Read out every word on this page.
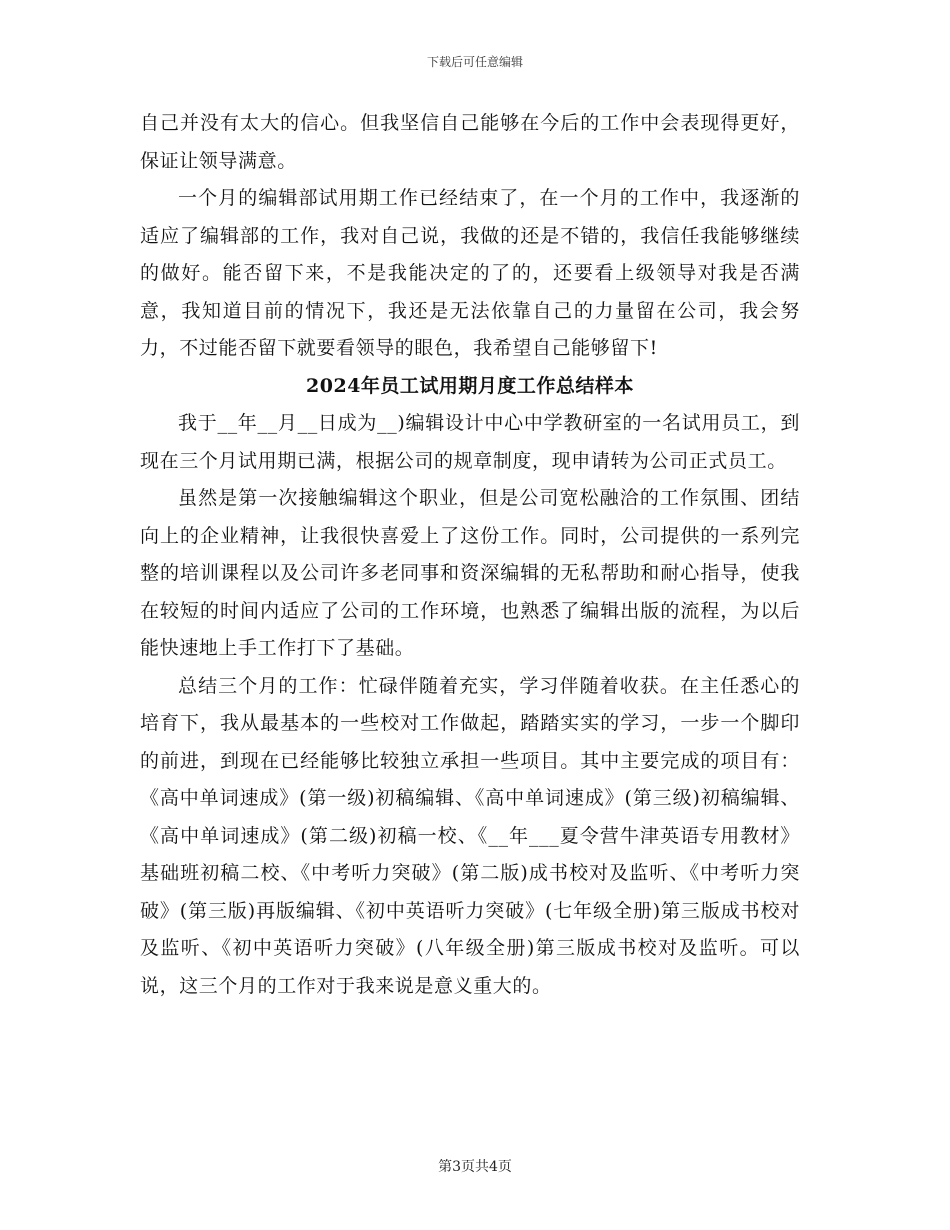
下载后可任意编辑

自己并没有太大的信心。但我坚信自己能够在今后的工作中会表现得更好，保证让领导满意。

一个月的编辑部试用期工作已经结束了，在一个月的工作中，我逐渐的适应了编辑部的工作，我对自己说，我做的还是不错的，我信任我能够继续的做好。能否留下来，不是我能决定的了的，还要看上级领导对我是否满意，我知道目前的情况下，我还是无法依靠自己的力量留在公司，我会努力，不过能否留下就要看领导的眼色，我希望自己能够留下!

2024年员工试用期月度工作总结样本

我于__年__月__日成为__)编辑设计中心中学教研室的一名试用员工，到现在三个月试用期已满，根据公司的规章制度，现申请转为公司正式员工。

虽然是第一次接触编辑这个职业，但是公司宽松融洽的工作氛围、团结向上的企业精神，让我很快喜爱上了这份工作。同时，公司提供的一系列完整的培训课程以及公司许多老同事和资深编辑的无私帮助和耐心指导，使我在较短的时间内适应了公司的工作环境，也熟悉了编辑出版的流程，为以后能快速地上手工作打下了基础。

总结三个月的工作：忙碌伴随着充实，学习伴随着收获。在主任悉心的培育下，我从最基本的一些校对工作做起，踏踏实实的学习，一步一个脚印的前进，到现在已经能够比较独立承担一些项目。其中主要完成的项目有：《高中单词速成》(第一级)初稿编辑、《高中单词速成》(第三级)初稿编辑、《高中单词速成》(第二级)初稿一校、《__年___夏令营牛津英语专用教材》基础班初稿二校、《中考听力突破》(第二版)成书校对及监听、《中考听力突破》(第三版)再版编辑、《初中英语听力突破》(七年级全册)第三版成书校对及监听、《初中英语听力突破》(八年级全册)第三版成书校对及监听。可以说，这三个月的工作对于我来说是意义重大的。

第3页共4页
